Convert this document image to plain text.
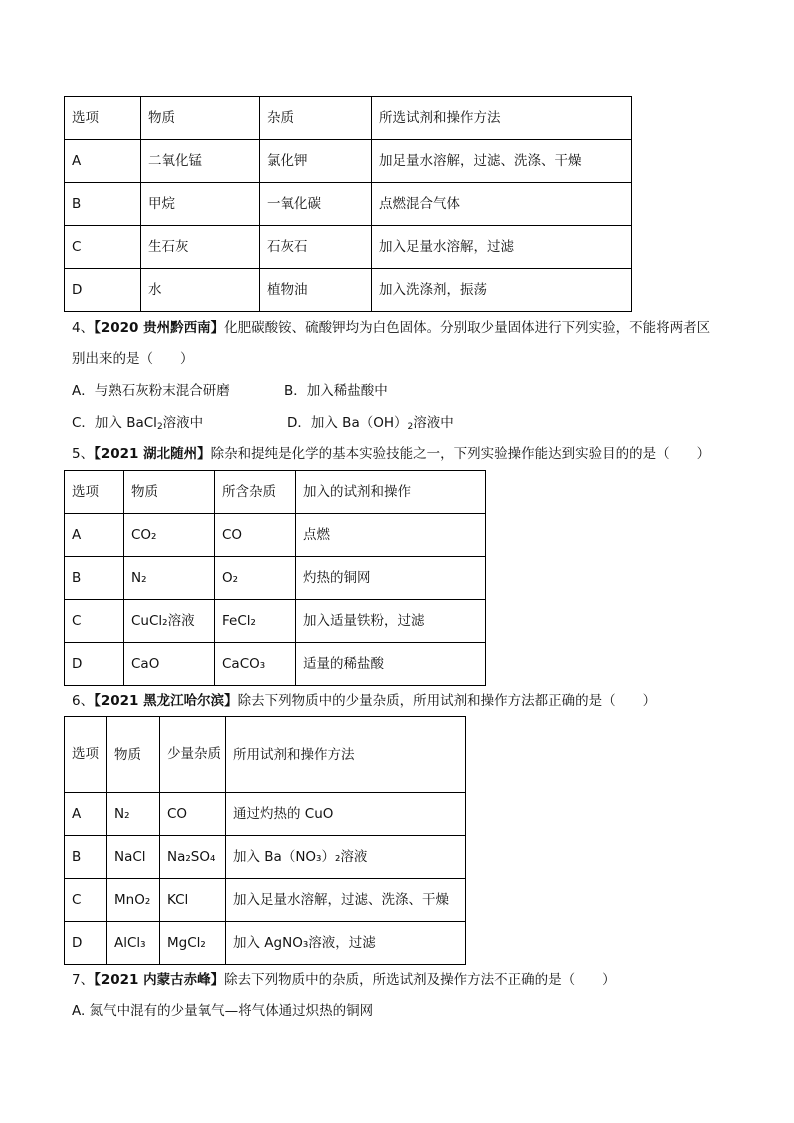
选项	物质	杂质	所选试剂和操作方法
A	二氧化锰	氯化钾	加足量水溶解，过滤、洗涤、干燥
B	甲烷	一氧化碳	点燃混合气体
C	生石灰	石灰石	加入足量水溶解，过滤
D	水	植物油	加入洗涤剂，振荡
4、【2020 贵州黔西南】化肥碳酸铵、硫酸钾均为白色固体。分别取少量固体进行下列实验，不能将两者区
别出来的是（　　）
A．与熟石灰粉末混合研磨	B．加入稀盐酸中
C．加入 BaCl$_2$溶液中	D．加入 $Ba(OH)_2$溶液中
5、【2021 湖北随州】除杂和提纯是化学的基本实验技能之一，下列实验操作能达到实验目的的是（　　）
选项	物质	所含杂质	加入的试剂和操作
A	CO₂	CO	点燃
B	N₂	O₂	灼热的铜网
C	CuCl₂溶液	FeCl₂	加入适量铁粉，过滤
D	CaO	CaCO₃	适量的稀盐酸
6、【2021 黑龙江哈尔滨】除去下列物质中的少量杂质，所用试剂和操作方法都正确的是（　　）
选项	物质	少量杂质	所用试剂和操作方法
A	N₂	CO	通过灼热的 CuO
B	NaCl	Na₂SO₄	加入 Ba（NO₃）₂溶液
C	MnO₂	KCl	加入足量水溶解，过滤、洗涤、干燥
D	AlCl₃	MgCl₂	加入 AgNO₃溶液，过滤
7、【2021 内蒙古赤峰】除去下列物质中的杂质，所选试剂及操作方法不正确的是（　　）
A. 氮气中混有的少量氧气—将气体通过炽热的铜网
